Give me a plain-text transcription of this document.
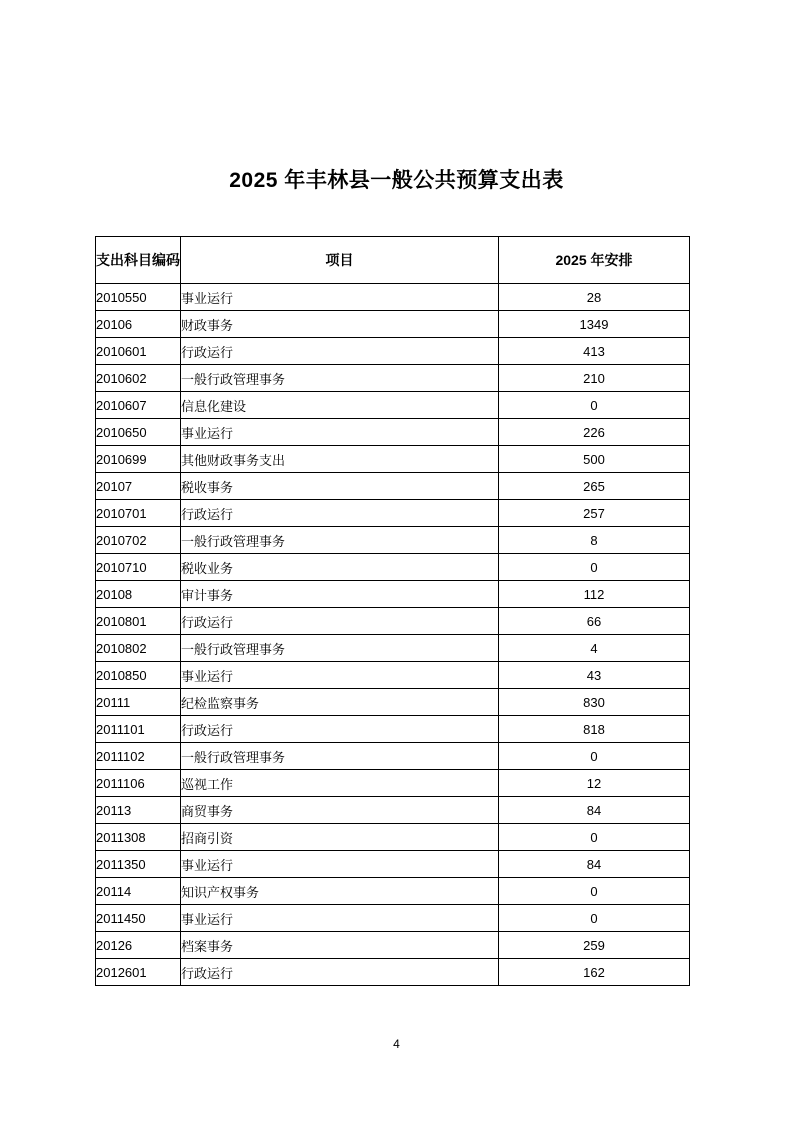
2025 年丰林县一般公共预算支出表
支出科目编码	项目	2025 年安排
2010550	事业运行	28
20106	财政事务	1349
2010601	行政运行	413
2010602	一般行政管理事务	210
2010607	信息化建设	0
2010650	事业运行	226
2010699	其他财政事务支出	500
20107	税收事务	265
2010701	行政运行	257
2010702	一般行政管理事务	8
2010710	税收业务	0
20108	审计事务	112
2010801	行政运行	66
2010802	一般行政管理事务	4
2010850	事业运行	43
20111	纪检监察事务	830
2011101	行政运行	818
2011102	一般行政管理事务	0
2011106	巡视工作	12
20113	商贸事务	84
2011308	招商引资	0
2011350	事业运行	84
20114	知识产权事务	0
2011450	事业运行	0
20126	档案事务	259
2012601	行政运行	162
4
